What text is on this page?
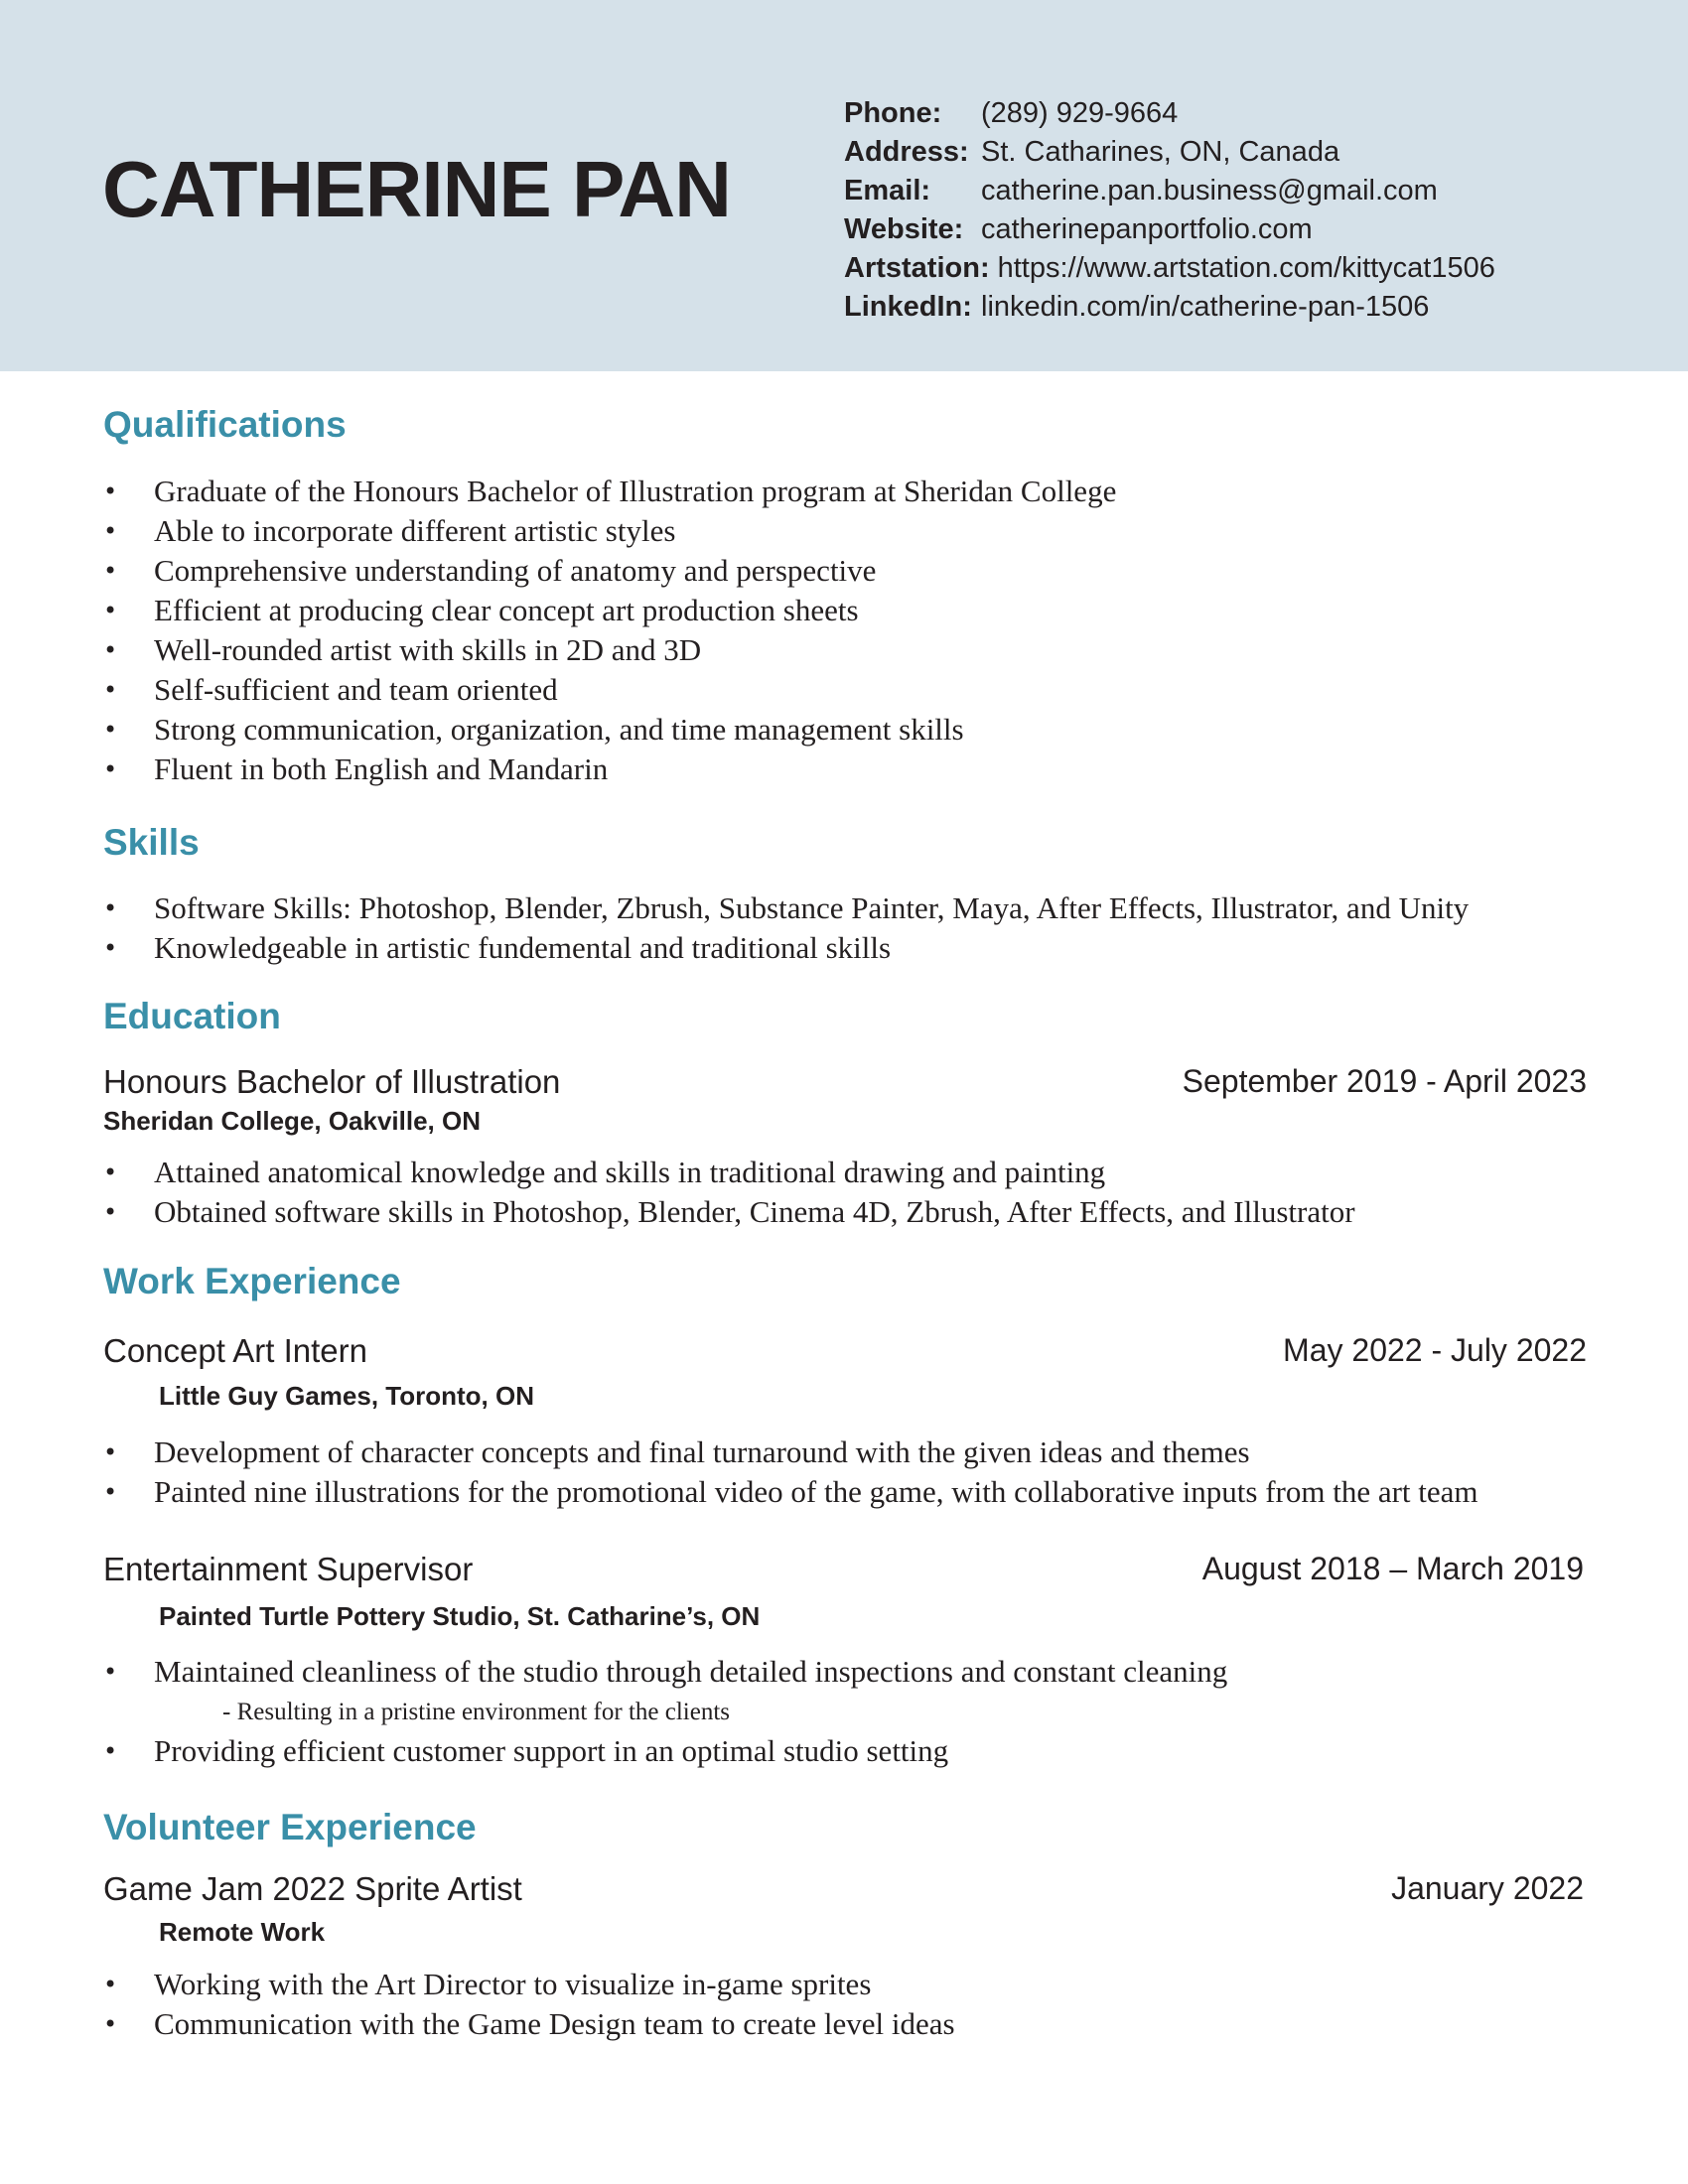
CATHERINE PAN
Phone: (289) 929-9664
Address: St. Catharines, ON, Canada
Email: catherine.pan.business@gmail.com
Website: catherinepanportfolio.com
Artstation: https://www.artstation.com/kittycat1506
LinkedIn: linkedin.com/in/catherine-pan-1506
Qualifications
• Graduate of the Honours Bachelor of Illustration program at Sheridan College
• Able to incorporate different artistic styles
• Comprehensive understanding of anatomy and perspective
• Efficient at producing clear concept art production sheets
• Well-rounded artist with skills in 2D and 3D
• Self-sufficient and team oriented
• Strong communication, organization, and time management skills
• Fluent in both English and Mandarin
Skills
• Software Skills: Photoshop, Blender, Zbrush, Substance Painter, Maya, After Effects, Illustrator, and Unity
• Knowledgeable in artistic fundemental and traditional skills
Education
Honours Bachelor of Illustration	September 2019 - April 2023
Sheridan College, Oakville, ON
• Attained anatomical knowledge and skills in traditional drawing and painting
• Obtained software skills in Photoshop, Blender, Cinema 4D, Zbrush, After Effects, and Illustrator
Work Experience
Concept Art Intern	May 2022 - July 2022
Little Guy Games, Toronto, ON
• Development of character concepts and final turnaround with the given ideas and themes
• Painted nine illustrations for the promotional video of the game, with collaborative inputs from the art team
Entertainment Supervisor	August 2018 – March 2019
Painted Turtle Pottery Studio, St. Catharine’s, ON
• Maintained cleanliness of the studio through detailed inspections and constant cleaning
- Resulting in a pristine environment for the clients
• Providing efficient customer support in an optimal studio setting
Volunteer Experience
Game Jam 2022 Sprite Artist	January 2022
Remote Work
• Working with the Art Director to visualize in-game sprites
• Communication with the Game Design team to create level ideas
